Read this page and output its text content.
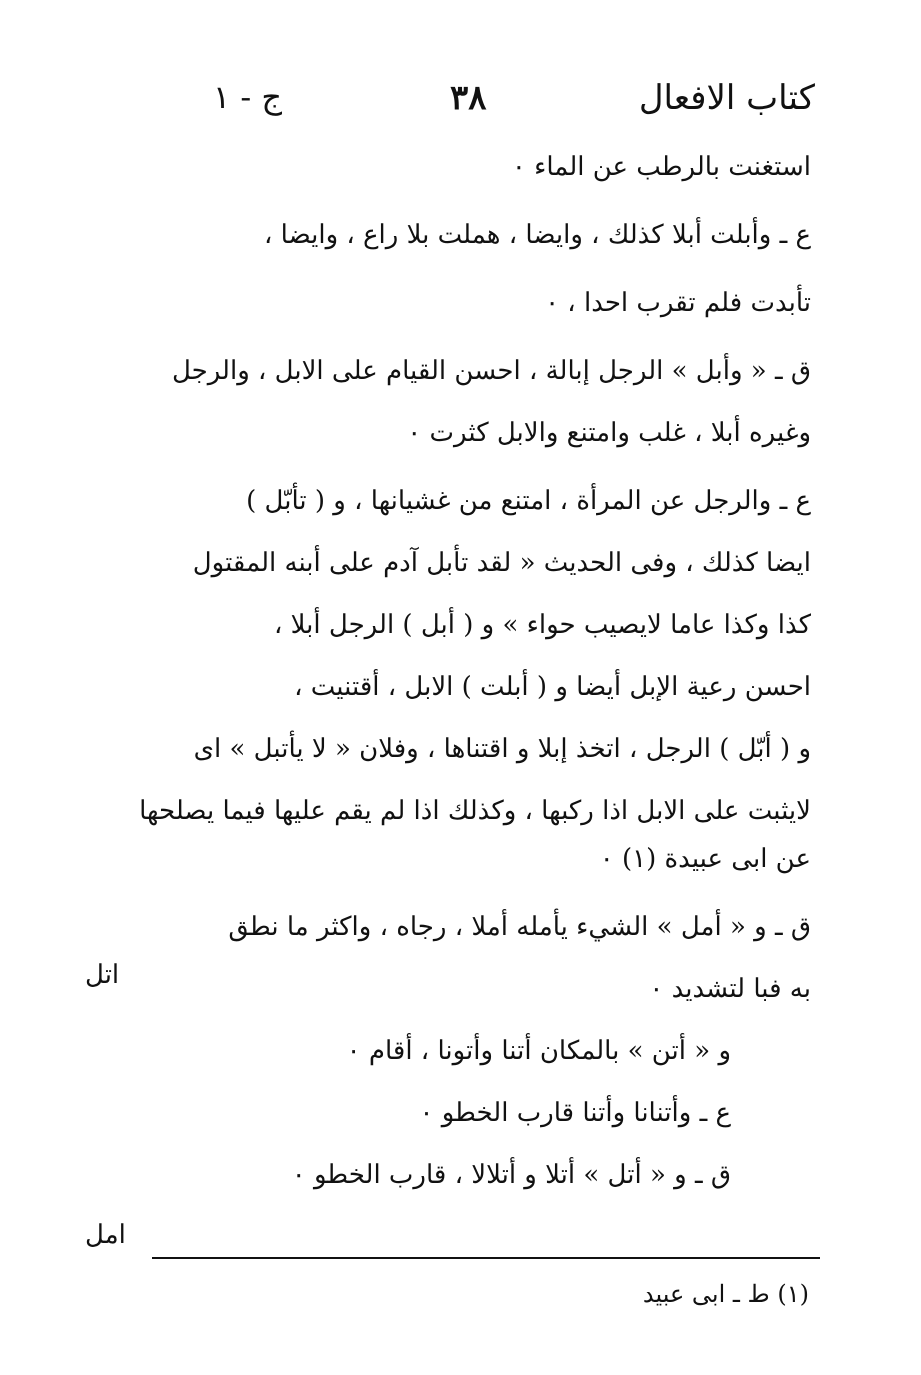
كتاب الافعال
٣٨
ج - ١
استغنت بالرطب عن الماء ٠
ع ـ وأبلت أبلا كذلك ، وايضا ، هملت بلا راع ، وايضا ،
تأبدت فلم تقرب احدا ، ٠
ق ـ « وأبل » الرجل إبالة ، احسن القيام على الابل ، والرجل
وغيره أبلا ، غلب وامتنع والابل كثرت ٠
ع ـ والرجل عن المرأة ، امتنع من غشيانها ، و ( تأبّل )
ايضا كذلك ، وفى الحديث « لقد تأبل آدم على أبنه المقتول
كذا وكذا عاما لايصيب حواء » و ( أبل ) الرجل أبلا ،
احسن رعية الإبل أيضا و ( أبلت ) الابل ، أقتنيت ،
و ( أبّل ) الرجل ، اتخذ إبلا و اقتناها ، وفلان « لا يأتبل » اى
لايثبت على الابل اذا ركبها ، وكذلك اذا لم يقم عليها فيما يصلحها
عن ابى عبيدة (١) ٠
ق ـ و « أمل » الشيء يأمله أملا ، رجاه ، واكثر ما نطق
به فبا لتشديد ٠
و « أتن » بالمكان أتنا وأتونا ، أقام ٠
ع ـ وأتنانا وأتنا قارب الخطو ٠
ق ـ و « أتل » أتلا و أتلالا ، قارب الخطو ٠
اتل
امل
(١) ط ـ ابى عبيد
